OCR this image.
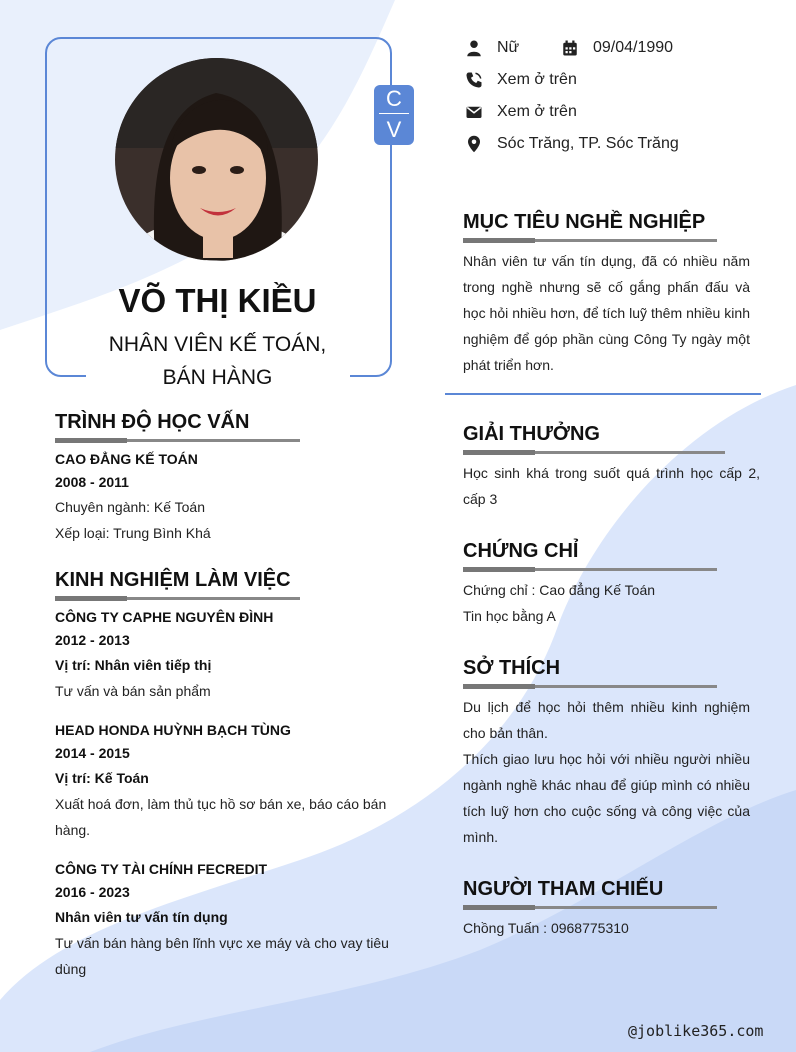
C
V
VÕ THỊ KIỀU
NHÂN VIÊN KẾ TOÁN,
BÁN HÀNG
Nữ	09/04/1990
Xem ở trên
Xem ở trên
Sóc Trăng, TP. Sóc Trăng
MỤC TIÊU NGHỀ NGHIỆP
Nhân viên tư vấn tín dụng, đã có nhiều năm trong nghề nhưng sẽ cố gắng phấn đấu và học hỏi nhiều hơn, để tích luỹ thêm nhiều kinh nghiệm để góp phần cùng Công Ty ngày một phát triển hơn.
GIẢI THƯỞNG
Học sinh khá trong suốt quá trình học cấp 2, cấp 3
CHỨNG CHỈ
Chứng chỉ : Cao đẳng Kế Toán
Tin học bằng A
SỞ THÍCH
Du lịch để học hỏi thêm nhiều kinh nghiệm cho bản thân.
Thích giao lưu học hỏi với nhiều người nhiều ngành nghề khác nhau để giúp mình có nhiều tích luỹ hơn cho cuộc sống và công việc của mình.
NGƯỜI THAM CHIẾU
Chồng Tuấn : 0968775310
TRÌNH ĐỘ HỌC VẤN
CAO ĐẲNG KẾ TOÁN
2008 - 2011
Chuyên ngành: Kế Toán
Xếp loại: Trung Bình Khá
KINH NGHIỆM LÀM VIỆC
CÔNG TY CAPHE NGUYÊN ĐÌNH
2012 - 2013
Vị trí: Nhân viên tiếp thị
Tư vấn và bán sản phẩm
HEAD HONDA HUỲNH BẠCH TÙNG
2014 - 2015
Vị trí: Kế Toán
Xuất hoá đơn, làm thủ tục hồ sơ bán xe, báo cáo bán
hàng.
CÔNG TY TÀI CHÍNH FECREDIT
2016 - 2023
Nhân viên tư vấn tín dụng
Tư vấn bán hàng bên lĩnh vực xe máy và cho vay tiêu
dùng
@joblike365.com
